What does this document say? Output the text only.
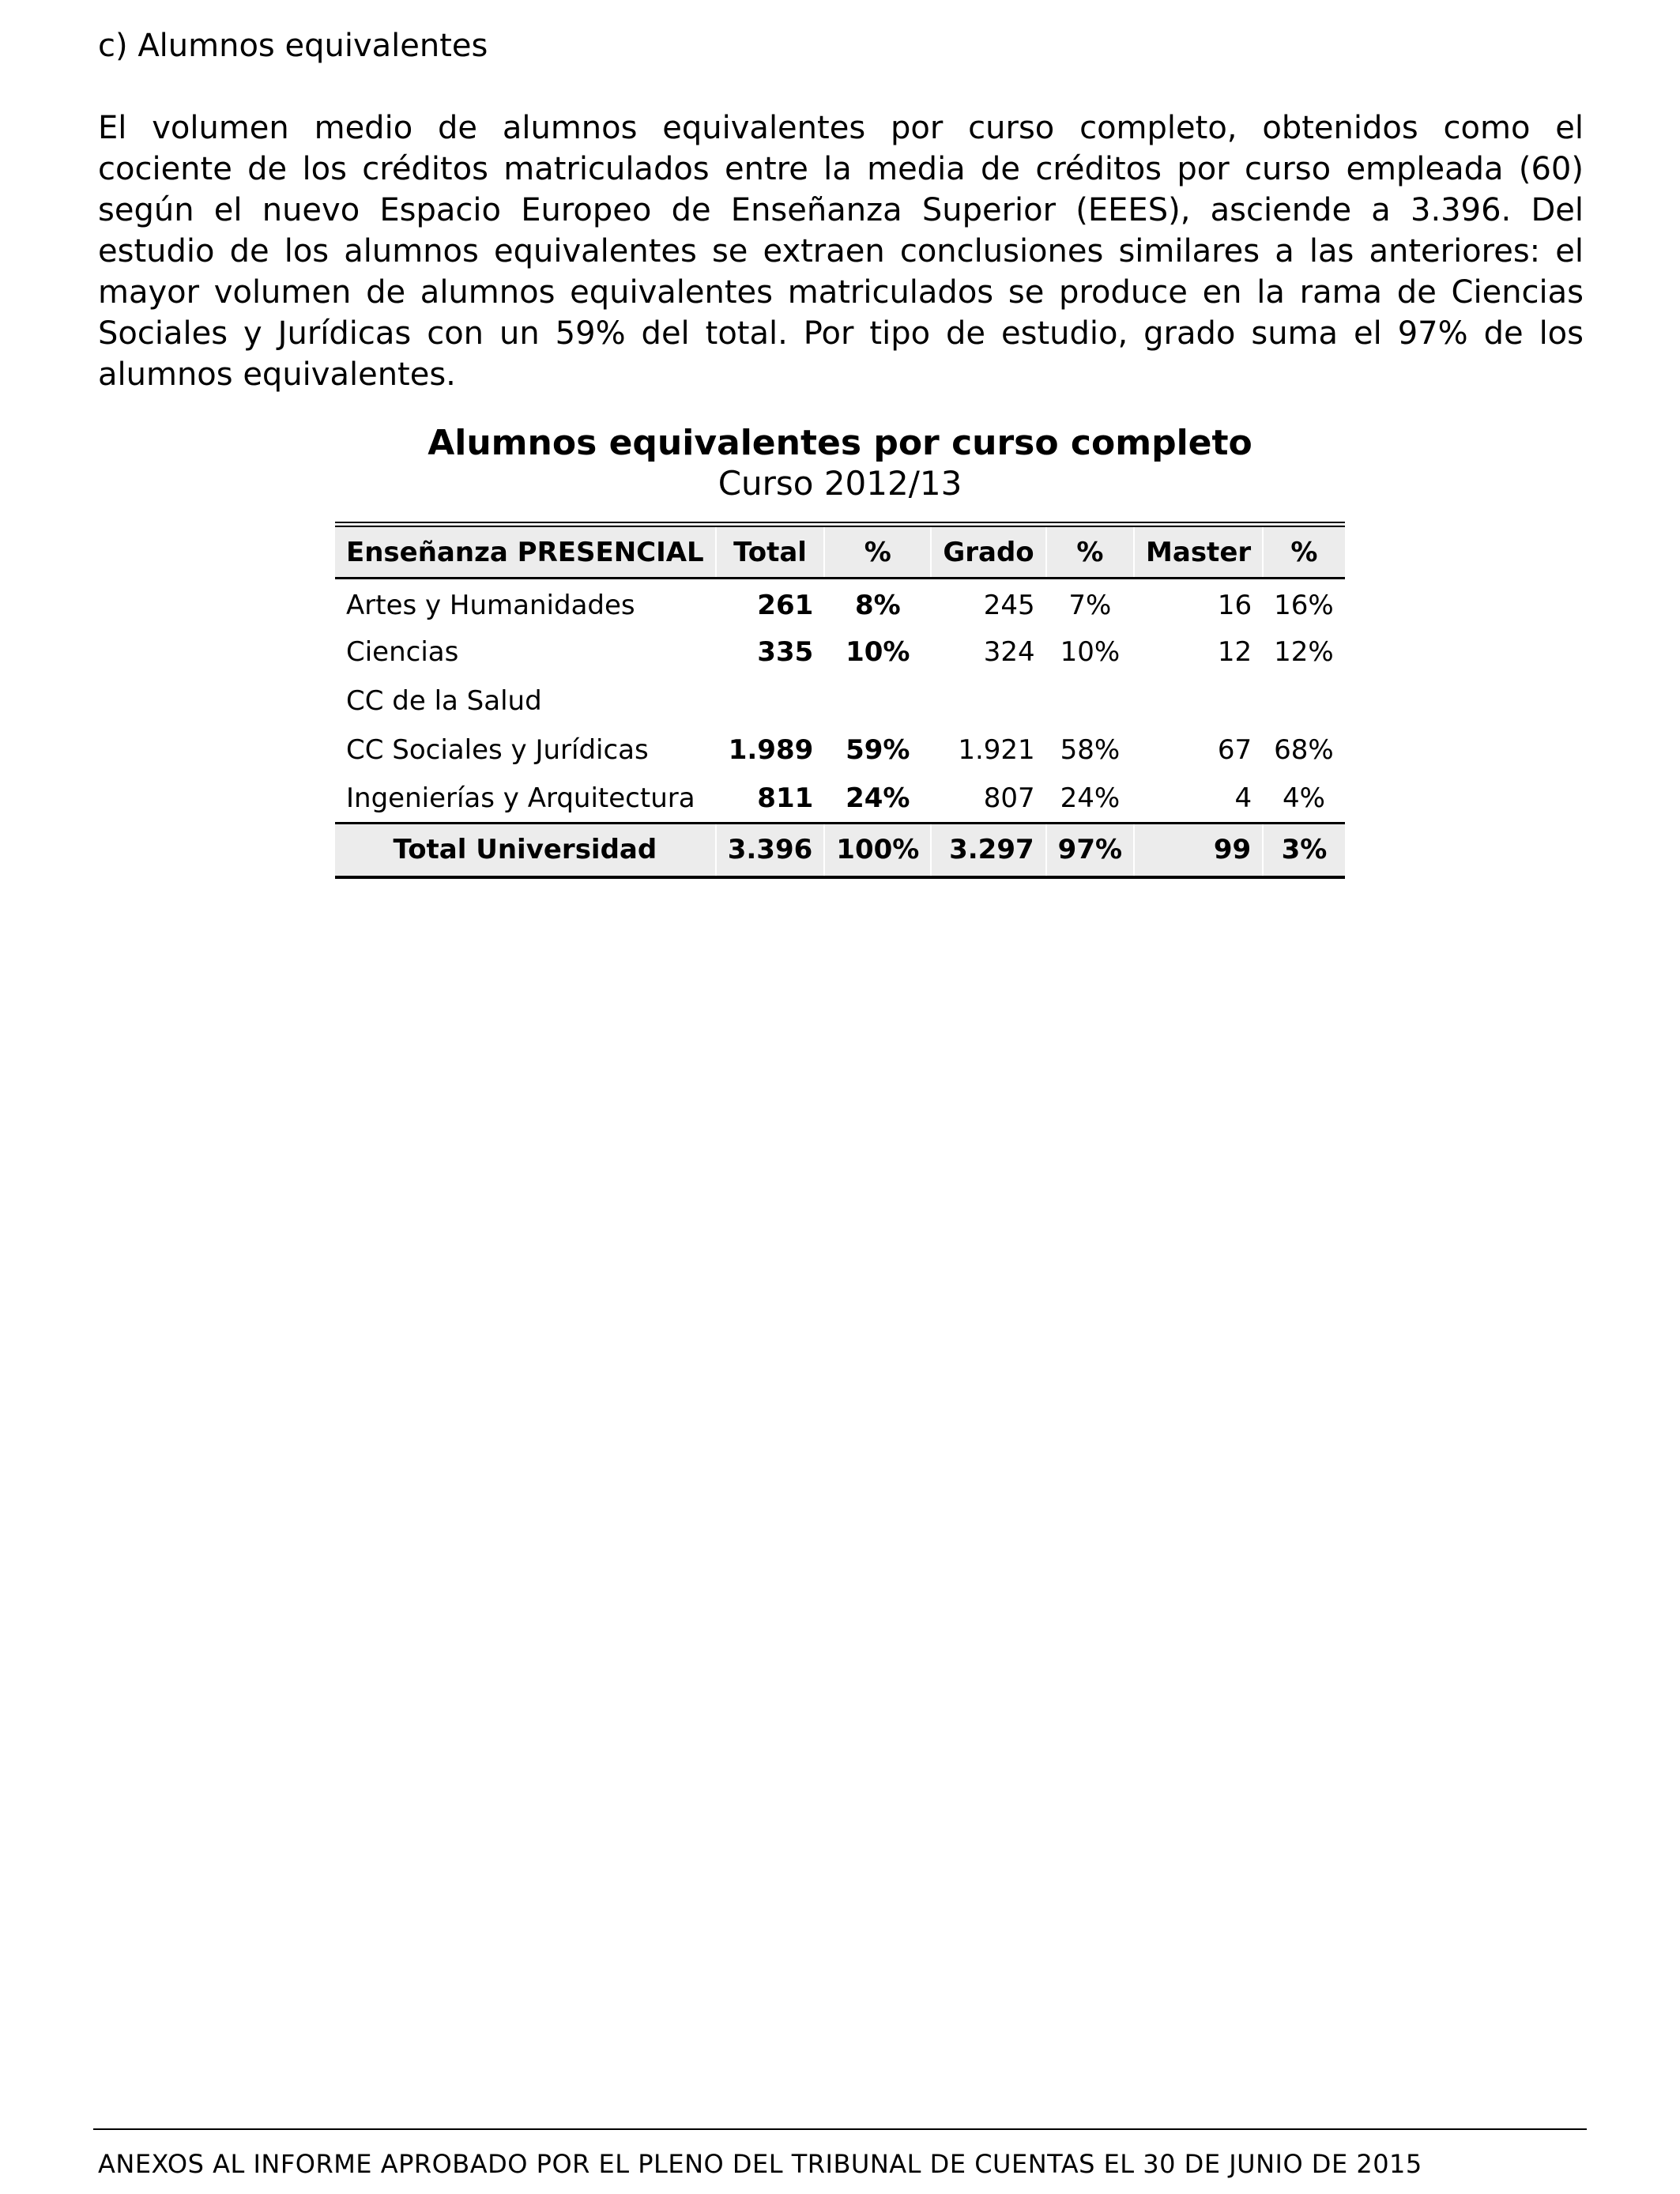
c) Alumnos equivalentes
El volumen medio de alumnos equivalentes por curso completo, obtenidos como el
cociente de los créditos matriculados entre la media de créditos por curso empleada (60)
según el nuevo Espacio Europeo de Enseñanza Superior (EEES), asciende a 3.396. Del
estudio de los alumnos equivalentes se extraen conclusiones similares a las anteriores: el
mayor volumen de alumnos equivalentes matriculados se produce en la rama de Ciencias
Sociales y Jurídicas con un 59% del total. Por tipo de estudio, grado suma el 97% de los
alumnos equivalentes.
Alumnos equivalentes por curso completo
Curso 2012/13
Enseñanza PRESENCIAL	Total	%	Grado	%	Master	%
Artes y Humanidades	261	8%	245	7%	16	16%
Ciencias	335	10%	324	10%	12	12%
CC de la Salud						
CC Sociales y Jurídicas	1.989	59%	1.921	58%	67	68%
Ingenierías y Arquitectura	811	24%	807	24%	4	4%
Total Universidad	3.396	100%	3.297	97%	99	3%
ANEXOS AL INFORME APROBADO POR EL PLENO DEL TRIBUNAL DE CUENTAS EL 30 DE JUNIO DE 2015
